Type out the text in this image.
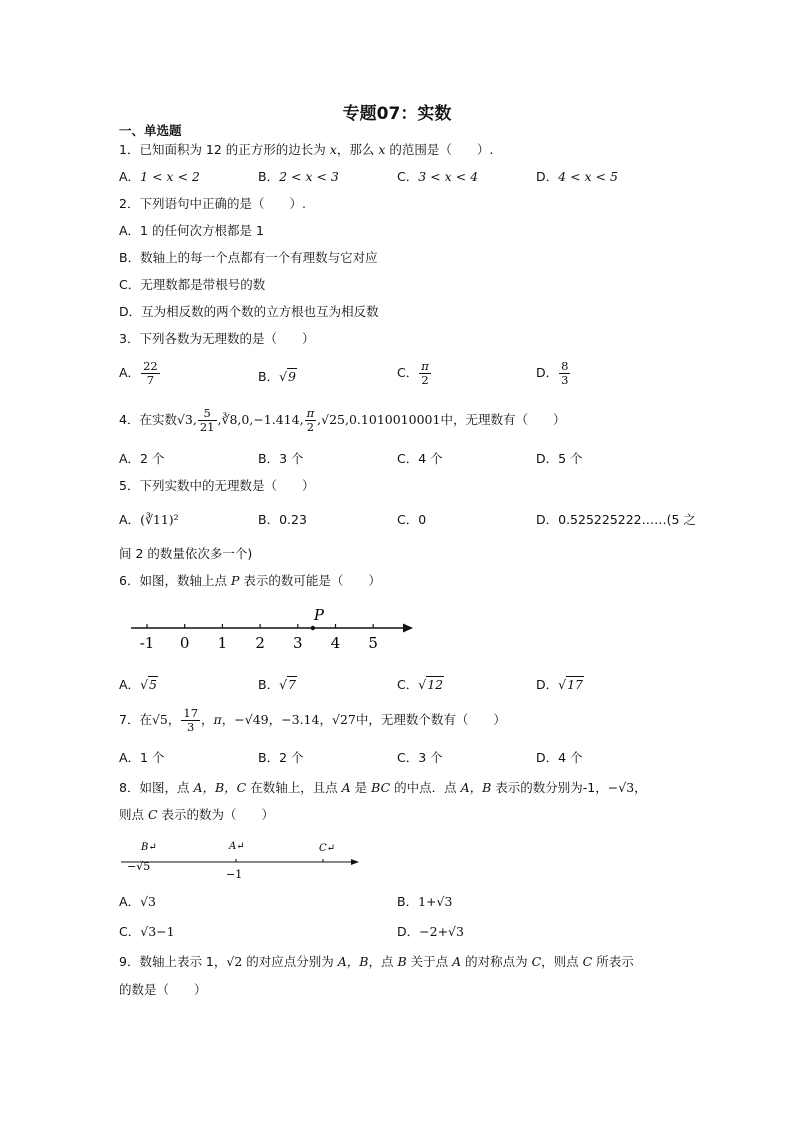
专题07：实数
一、单选题
1．已知面积为 12 的正方形的边长为 x，那么 x 的范围是（　　）.
A．1 < x < 2	B．2 < x < 3	C．3 < x < 4	D．4 < x < 5
2．下列语句中正确的是（　　）.
A．1 的任何次方根都是 1
B．数轴上的每一个点都有一个有理数与它对应
C．无理数都是带根号的数
D．互为相反数的两个数的立方根也互为相反数
3．下列各数为无理数的是（　　）
A． $\frac{22}{7}$	B．√9	C． $\frac{\pi}{2}$	D． $\frac{8}{3}$
4．在实数√3, $\frac{5}{21}$ ,∛8,0,−1.414, $\frac{\pi}{2} ,√25,0.1010010001$中，无理数有（　　）
A．2 个	B．3 个	C．4 个	D．5 个
5．下列实数中的无理数是（　　）
A．(∛11)²	B．0.23	C．0	D．0.525225222……(5 之
间 2 的数量依次多一个)
6．如图，数轴上点 P 表示的数可能是（　　）
-1 0 1 2 3 4 5
P
A．√5	B．√7	C．√12	D．√17
7．在√5， $\frac{17}{3}$ ，π，−√49，−3.14，√27中，无理数个数有（　　）
A．1 个	B．2 个	C．3 个	D．4 个
8．如图，点 A，B，C 在数轴上，且点 A 是 BC 的中点．点 A，B 表示的数分别为-1，−√3，
则点 C 表示的数为（　　）
B↵	A↵	C↵
−√5
−1
A．√3	B．1+√3
C．√3−1	D．−2+√3
9．数轴上表示 1，√2 的对应点分别为 A，B，点 B 关于点 A 的对称点为 C，则点 C 所表示
的数是（　　）
